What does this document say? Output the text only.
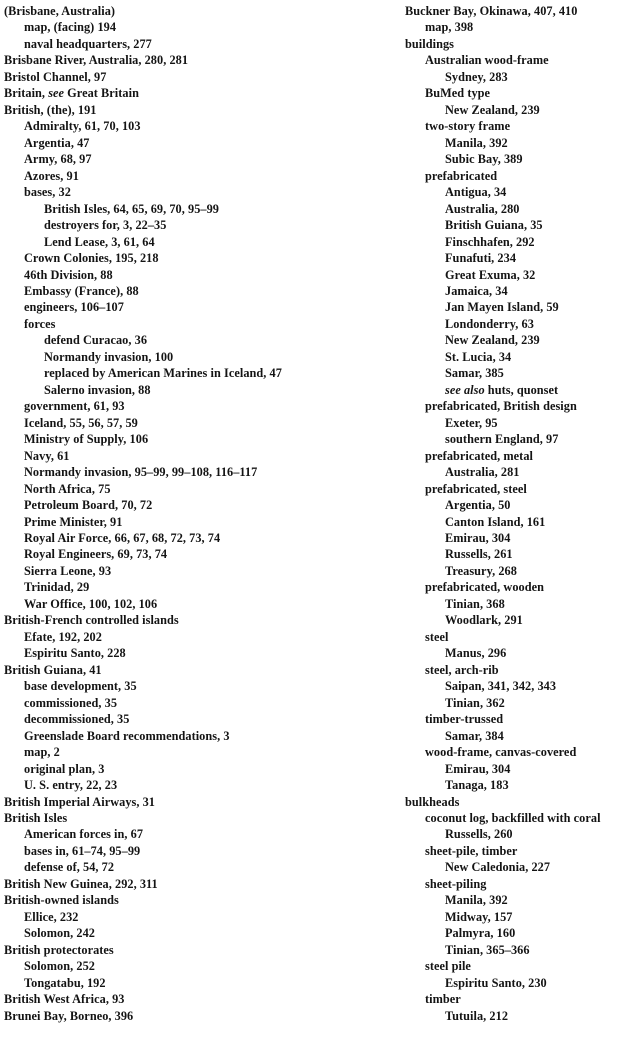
(Brisbane, Australia)
map, (facing) 194
naval headquarters, 277
Brisbane River, Australia, 280, 281
Bristol Channel, 97
Britain, see Great Britain
British, (the), 191
Admiralty, 61, 70, 103
Argentia, 47
Army, 68, 97
Azores, 91
bases, 32
British Isles, 64, 65, 69, 70, 95–99
destroyers for, 3, 22–35
Lend Lease, 3, 61, 64
Crown Colonies, 195, 218
46th Division, 88
Embassy (France), 88
engineers, 106–107
forces
defend Curacao, 36
Normandy invasion, 100
replaced by American Marines in Iceland, 47
Salerno invasion, 88
government, 61, 93
Iceland, 55, 56, 57, 59
Ministry of Supply, 106
Navy, 61
Normandy invasion, 95–99, 99–108, 116–117
North Africa, 75
Petroleum Board, 70, 72
Prime Minister, 91
Royal Air Force, 66, 67, 68, 72, 73, 74
Royal Engineers, 69, 73, 74
Sierra Leone, 93
Trinidad, 29
War Office, 100, 102, 106
British-French controlled islands
Efate, 192, 202
Espiritu Santo, 228
British Guiana, 41
base development, 35
commissioned, 35
decommissioned, 35
Greenslade Board recommendations, 3
map, 2
original plan, 3
U. S. entry, 22, 23
British Imperial Airways, 31
British Isles
American forces in, 67
bases in, 61–74, 95–99
defense of, 54, 72
British New Guinea, 292, 311
British-owned islands
Ellice, 232
Solomon, 242
British protectorates
Solomon, 252
Tongatabu, 192
British West Africa, 93
Brunei Bay, Borneo, 396
Buckner Bay, Okinawa, 407, 410
map, 398
buildings
Australian wood-frame
Sydney, 283
BuMed type
New Zealand, 239
two-story frame
Manila, 392
Subic Bay, 389
prefabricated
Antigua, 34
Australia, 280
British Guiana, 35
Finschhafen, 292
Funafuti, 234
Great Exuma, 32
Jamaica, 34
Jan Mayen Island, 59
Londonderry, 63
New Zealand, 239
St. Lucia, 34
Samar, 385
see also huts, quonset
prefabricated, British design
Exeter, 95
southern England, 97
prefabricated, metal
Australia, 281
prefabricated, steel
Argentia, 50
Canton Island, 161
Emirau, 304
Russells, 261
Treasury, 268
prefabricated, wooden
Tinian, 368
Woodlark, 291
steel
Manus, 296
steel, arch-rib
Saipan, 341, 342, 343
Tinian, 362
timber-trussed
Samar, 384
wood-frame, canvas-covered
Emirau, 304
Tanaga, 183
bulkheads
coconut log, backfilled with coral
Russells, 260
sheet-pile, timber
New Caledonia, 227
sheet-piling
Manila, 392
Midway, 157
Palmyra, 160
Tinian, 365–366
steel pile
Espiritu Santo, 230
timber
Tutuila, 212
